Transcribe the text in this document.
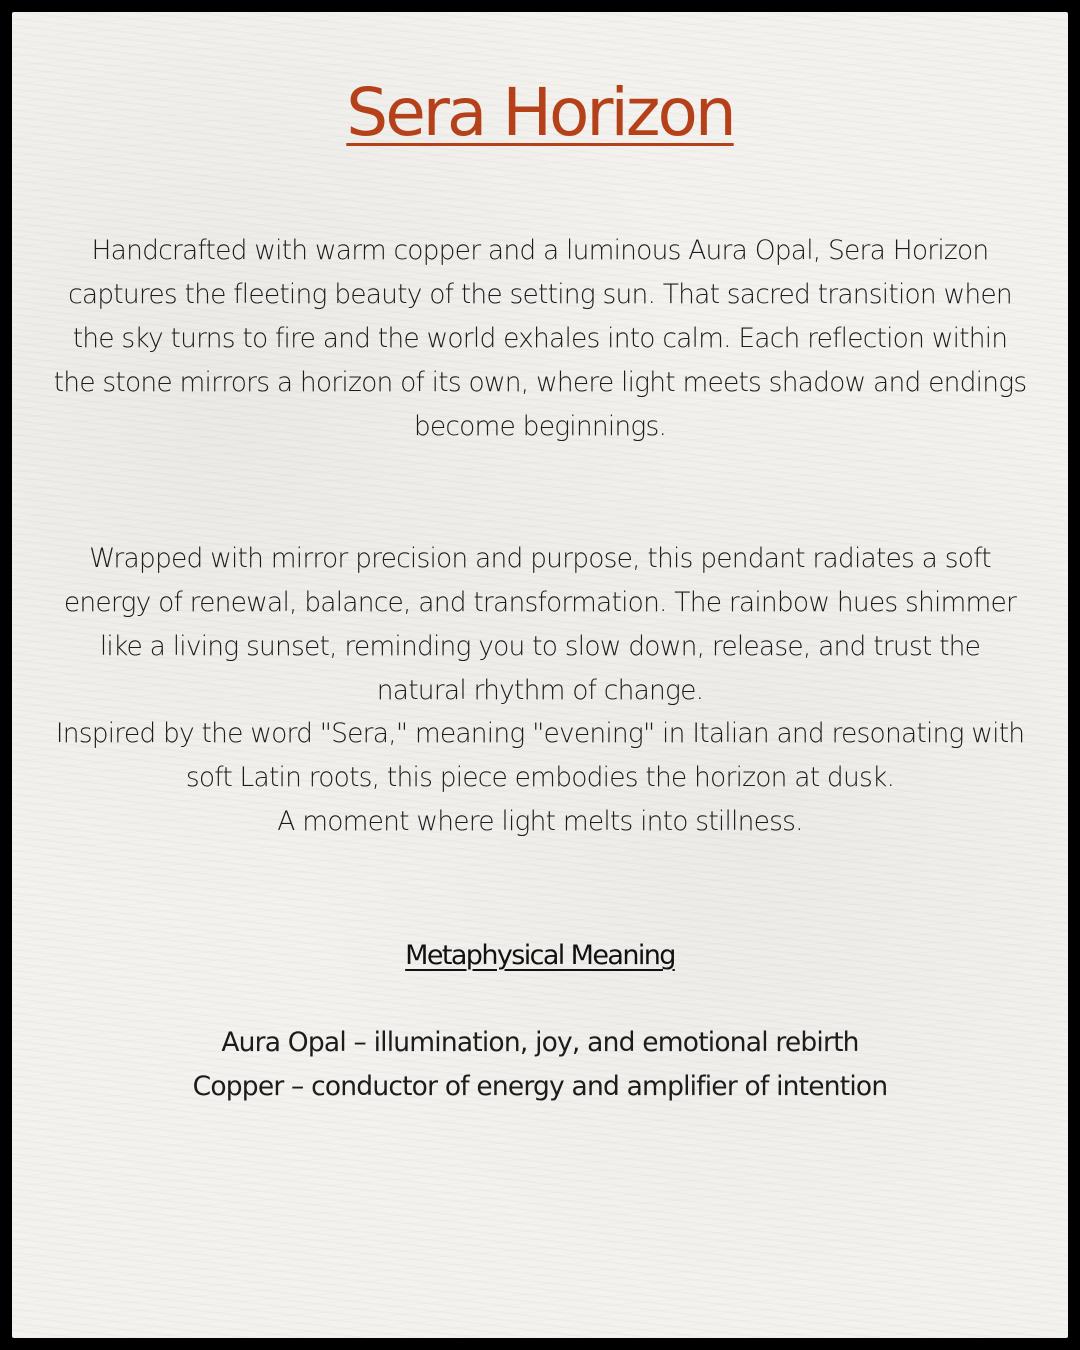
Sera Horizon

Handcrafted with warm copper and a luminous Aura Opal, Sera Horizon captures the fleeting beauty of the setting sun. That sacred transition when the sky turns to fire and the world exhales into calm. Each reflection within the stone mirrors a horizon of its own, where light meets shadow and endings become beginnings.

Wrapped with mirror precision and purpose, this pendant radiates a soft energy of renewal, balance, and transformation. The rainbow hues shimmer like a living sunset, reminding you to slow down, release, and trust the natural rhythm of change.

Inspired by the word "Sera," meaning "evening" in Italian and resonating with soft Latin roots, this piece embodies the horizon at dusk.
A moment where light melts into stillness.
Metaphysical Meaning
Aura Opal – illumination, joy, and emotional rebirth
Copper – conductor of energy and amplifier of intention
